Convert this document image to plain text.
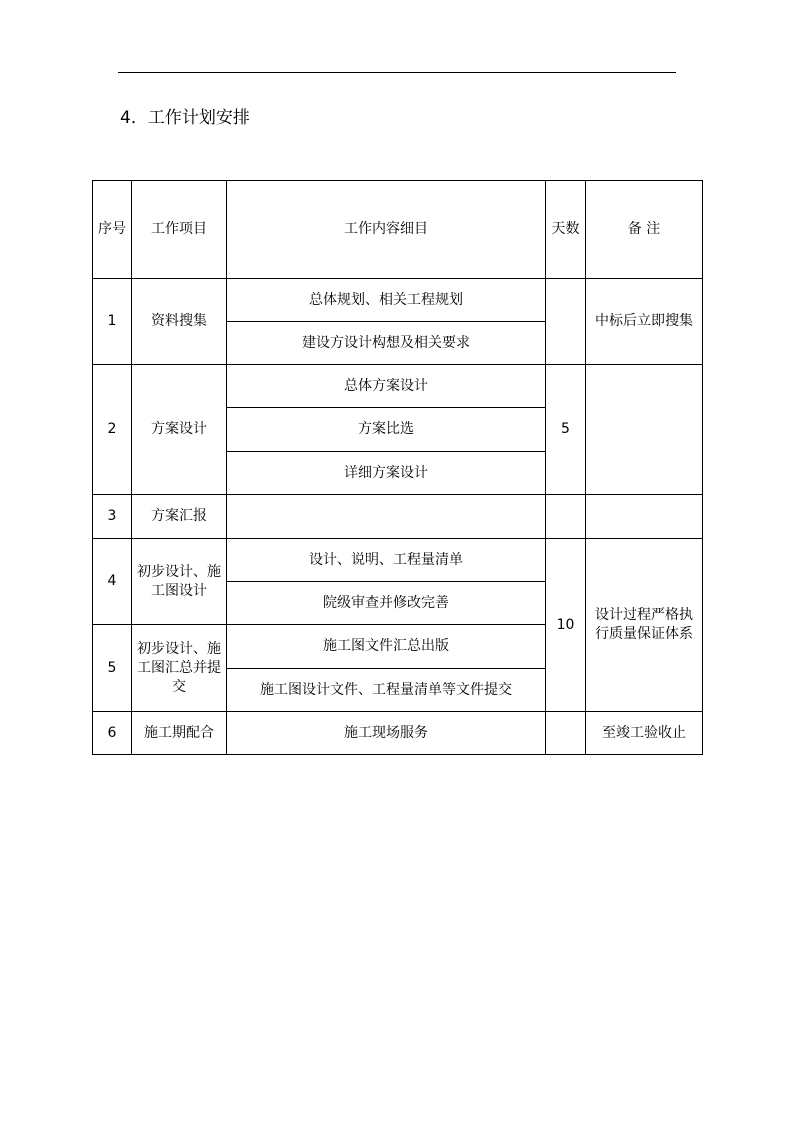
4．工作计划安排
序号	工作项目	工作内容细目	天数	备 注
1	资料搜集	总体规划、相关工程规划		中标后立即搜集
		建设方设计构想及相关要求		
2	方案设计	总体方案设计	5	
		方案比选		
		详细方案设计		
3	方案汇报			
4	初步设计、施工图设计	设计、说明、工程量清单	10	设计过程严格执行质量保证体系
		院级审查并修改完善		
5	初步设计、施工图汇总并提交	施工图文件汇总出版		
		施工图设计文件、工程量清单等文件提交		
6	施工期配合	施工现场服务		至竣工验收止
